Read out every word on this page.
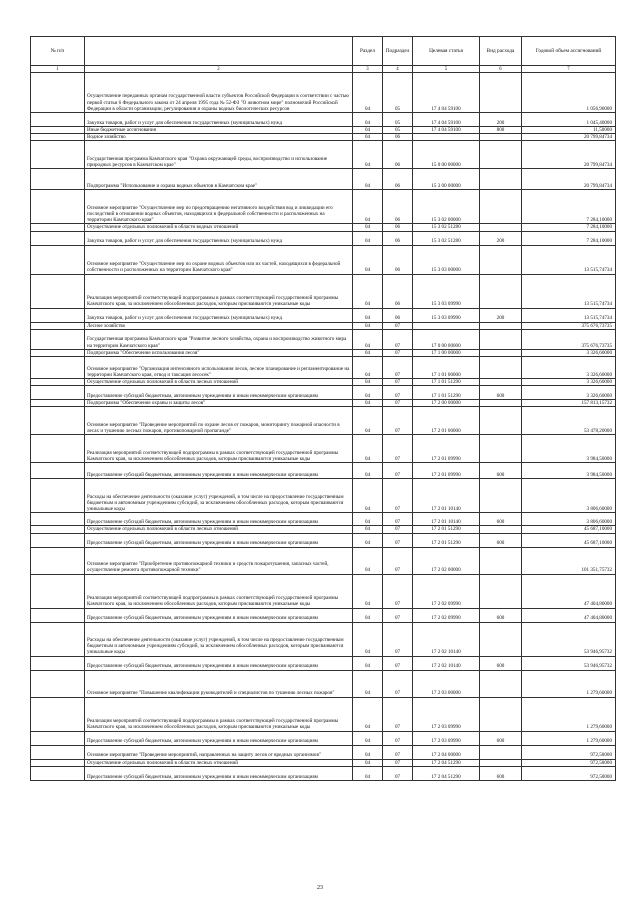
№ п/п		Раздел	Подраздел	Целевая статья	Вид расхода	Годовой объем ассигнований
1	2	3	4	5	6	7
	Осуществление переданных органам государственной власти субъектов Российской Федерации в соответствии с частью первой статьи 6 Федерального закона от 24 апреля 1995 года № 52-ФЗ "О животном мире" полномочий Российской Федерации в области организации, регулирования и охраны водных биологических ресурсов	04	05	17 4 04 59100		1 056,90000
	Закупка товаров, работ и услуг для обеспечения государственных (муниципальных) нужд	04	05	17 4 04 59100	200	1 045,40000
	Иные бюджетные ассигнования	04	05	17 4 04 59100	800	11,50000
	Водное хозяйство	04	06			20 799,84734
	Государственная программа Камчатского края "Охрана окружающей среды, воспроизводство и использование природных ресурсов в Камчатском крае"	04	06	15 0 00 00000		20 799,84734
	Подпрограмма "Использование и охрана водных объектов в Камчатском крае"	04	06	15 3 00 00000		20 799,84734
	Основное мероприятие "Осуществление мер по предотвращению негативного воздействия вод и ликвидации его последствий в отношении водных объектов, находящихся в федеральной собственности и расположенных на территории Камчатского края"	04	06	15 3 02 00000		7 284,10000
	Осуществление отдельных полномочий в области водных отношений	04	06	15 3 02 51280		7 284,10000
	Закупка товаров, работ и услуг для обеспечения государственных (муниципальных) нужд	04	06	15 3 02 51280	200	7 284,10000
	Основное мероприятие "Осуществление мер по охране водных объектов или их частей, находящихся в федеральной собственности и расположенных на территории Камчатского края"	04	06	15 3 03 00000		13 515,74734
	Реализация мероприятий соответствующей подпрограммы в рамках соответствующей государственной программы Камчатского края, за исключением обособленных расходов, которым присваиваются уникальные коды	04	06	15 3 03 09990		13 515,74734
	Закупка товаров, работ и услуг для обеспечения государственных (муниципальных) нужд	04	06	15 3 03 09990	200	13 515,74734
	Лесное хозяйство	04	07			375 676,73735
	Государственная программа Камчатского края "Развитие лесного хозяйства, охрана и воспроизводство животного мира на территории Камчатского края"	04	07	17 0 00 00000		375 676,73735
	Подпрограмма "Обеспечение использования лесов"	04	07	17 1 00 00000		3 326,60000
	Основное мероприятие "Организация интенсивного использования лесов, лесное планирование и регламентирование на территории Камчатского края, отвод и таксация лесосек"	04	07	17 1 01 00000		3 326,60000
	Осуществление отдельных полномочий в области лесных отношений	04	07	17 1 01 51290		3 326,60000
	Предоставление субсидий бюджетным, автономным учреждениям и иным некоммерческим организациям	04	07	17 1 01 51290	600	3 326,60000
	Подпрограмма "Обеспечение охраны и защиты лесов"	04	07	17 2 00 00000		157 813,15732
	Основное мероприятие "Проведение мероприятий по охране лесов от пожаров, мониторингу пожарной опасности в лесах и тушению лесных пожаров, противопожарной пропаганде"	04	07	17 2 01 00000		53 478,20000
	Реализация мероприятий соответствующей подпрограммы в рамках соответствующей государственной программы Камчатского края, за исключением обособленных расходов, которым присваиваются уникальные коды	04	07	17 2 01 09990		3 984,50000
	Предоставление субсидий бюджетным, автономным учреждениям и иным некоммерческим организациям	04	07	17 2 01 09990	600	3 984,50000
	Расходы на обеспечение деятельности (оказание услуг) учреждений, в том числе на предоставление государственным бюджетным и автономным учреждениям субсидий, за исключением обособленных расходов, которым присваиваются уникальные коды	04	07	17 2 01 10140		3 806,60000
	Предоставление субсидий бюджетным, автономным учреждениям и иным некоммерческим организациям	04	07	17 2 01 10140	600	3 806,60000
	Осуществление отдельных полномочий в области лесных отношений	04	07	17 2 01 51290		45 687,10000
	Предоставление субсидий бюджетным, автономным учреждениям и иным некоммерческим организациям	04	07	17 2 01 51290	600	45 687,10000
	Основное мероприятие "Приобретение противопожарной техники и средств пожаротушения, запасных частей, осуществление ремонта противопожарной техники"	04	07	17 2 02 00000		101 351,75732
	Реализация мероприятий соответствующей подпрограммы в рамках соответствующей государственной программы Камчатского края, за исключением обособленных расходов, которым присваиваются уникальные коды	04	07	17 2 02 09990		47 404,80000
	Предоставление субсидий бюджетным, автономным учреждениям и иным некоммерческим организациям	04	07	17 2 02 09990	600	47 404,80000
	Расходы на обеспечение деятельности (оказание услуг) учреждений, в том числе на предоставление государственным бюджетным и автономным учреждениям субсидий, за исключением обособленных расходов, которым присваиваются уникальные коды	04	07	17 2 02 10140		53 946,95732
	Предоставление субсидий бюджетным, автономным учреждениям и иным некоммерческим организациям	04	07	17 2 02 10140	600	53 946,95732
	Основное мероприятие "Повышение квалификации руководителей и специалистов по тушению лесных пожаров"	04	07	17 2 03 00000		1 279,60000
	Реализация мероприятий соответствующей подпрограммы в рамках соответствующей государственной программы Камчатского края, за исключением обособленных расходов, которым присваиваются уникальные коды	04	07	17 2 03 09990		1 279,60000
	Предоставление субсидий бюджетным, автономным учреждениям и иным некоммерческим организациям	04	07	17 2 03 09990	600	1 279,60000
	Основное мероприятие "Проведение мероприятий, направленных на защиту лесов от вредных организмов"	04	07	17 2 04 00000		972,50000
	Осуществление отдельных полномочий в области лесных отношений	04	07	17 2 04 51290		972,50000
	Предоставление субсидий бюджетным, автономным учреждениям и иным некоммерческим организациям	04	07	17 2 04 51290	600	972,50000
23
